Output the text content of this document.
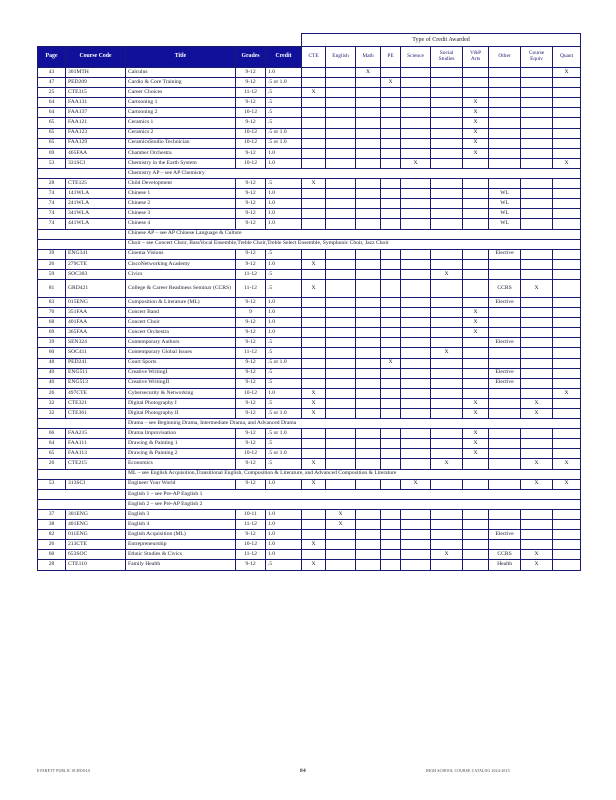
					Type of Credit Awarded									
Page	Course Code	Title	Grades	Credit	CTE	English	Math	PE	Science	Social Studies	V&P Arts	Other	Course Equiv	Quant
43	301MTH	Calculus	9-12	1.0			X							X
47	PED209	Cardio & Core Training	9-12	.5 or 1.0				X						
25	CTE315	Career Choices	11-12	.5	X									
64	FAA131	Cartooning 1	9-12	.5							X			
64	FAA137	Cartooning 2	10-12	.5							X			
65	FAA121	Ceramics 1	9-12	.5							X			
65	FAA123	Ceramics 2	10-12	.5 or 1.0							X			
65	FAA129	CeramicsStudio Technician	10-12	.5 or 1.0							X			
69	465FAA	Chamber Orchestra	9-12	1.0							X			
53	331SCI	Chemistry in the Earth System	10-12	1.0					X					X
		Chemistry AP – see AP Chemistry												
28	CTE125	Child Development	9-12	.5	X									
74	141WLA	Chinese 1	9-12	1.0								WL		
74	241WLA	Chinese 2	9-12	1.0								WL		
74	341WLA	Chinese 3	9-12	1.0								WL		
74	441WLA	Chinese 4	9-12	1.0								WL		
		Chinese AP – see AP Chinese Language & Culture												
		Choir – see Concert Choir, BassVocal Ensemble,Treble Choir,Treble Select Ensemble, Symphonic Choir, Jazz Choir												
39	ENG341	Cinema Visions	9-12	.5								Elective		
26	279CTE	CiscoNetworking Academy	9-12	1.0	X									
59	SOC303	Civics	11-12	.5						X				
81	GRD421	College & Career Readiness Seminar (CCRS)	11-12	.5	X							CCRS	X	
83	015ENG	Composition & Literature (ML)	9-12	1.0								Elective		
70	351FAA	Concert Band	9	1.0							X			
68	401FAA	Concert Choir	9-12	1.0							X			
69	365FAA	Concert Orchestra	9-12	1.0							X			
39	SEN324	Contemporary Authors	9-12	.5								Elective		
60	SOC411	Contemporary Global Issues	11-12	.5						X				
48	PED241	Court Sports	9-12	.5 or 1.0				X						
40	ENG511	Creative WritingI	9-12	.5								Elective		
40	ENG513	Creative WritingII	9-12	.5								Elective		
26	497CTE	Cybersecurity & Networking	10-12	1.0	X									X
32	CTE321	Digital Photography I	9-12	.5	X						X		X	
32	CTE361	Digital Photography II	9-12	.5 or 1.0	X						X		X	
		Drama – see Beginning Drama, Intermediate Drama, and Advanced Drama												
66	FAA215	Drama Improvisation	9-12	.5 or 1.0							X			
64	FAA111	Drawing & Painting 1	9-12	.5							X			
65	FAA113	Drawing & Painting 2	10-12	.5 or 1.0							X			
26	CTE215	Economics	9-12	.5	X					X			X	X
		ML – see English Acquisition,Transitional English, Composition & Literature, and Advanced Composition & Literature												
53	313SCI	Engineer Your World	9-12	1.0	X				X				X	X
		English 1 – see Pre-AP English 1												
		English 2 – see Pre-AP English 2												
37	301ENG	English 3	10-11	1.0		X								
38	401ENG	English 4	11-12	1.0		X								
82	011ENG	English Acquisition (ML)	9-12	1.0								Elective		
26	213CTE	Entrepreneurship	10-12	1.0	X									
60	653SOC	Ethnic Studies & Civics	11-12	1.0						X		CCRS	X	
28	CTE110	Family Health	9-12	.5	X							Health	X	
EVERETT PUBLIC SCHOOLS	84	HIGH SCHOOL COURSE CATALOG 2024-2025
